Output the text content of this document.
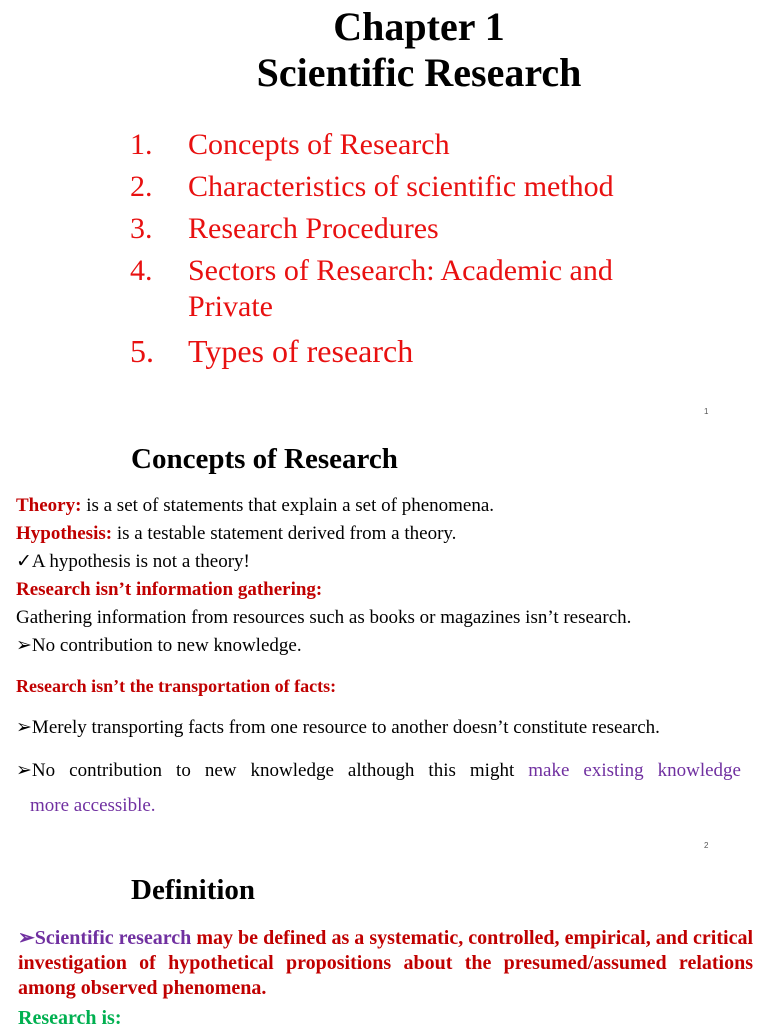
Chapter 1
Scientific Research
1.	Concepts of Research
2.	Characteristics of scientific method
3.	Research Procedures
4.	Sectors of Research: Academic and Private
5.	Types of research
1
Concepts of Research
Theory: is a set of statements that explain a set of phenomena.
Hypothesis: is a testable statement derived from a theory.
✓A hypothesis is not a theory!
Research isn’t information gathering:
Gathering information from resources such as books or magazines isn’t research.
➢No contribution to new knowledge.
Research isn’t the transportation of facts:
➢Merely transporting facts from one resource to another doesn’t constitute research.
➢No contribution to new knowledge although this might make existing knowledge
more accessible.
2
Definition
➢Scientific research may be defined as a systematic, controlled, empirical, and critical investigation of hypothetical propositions about the presumed/assumed relations among observed phenomena.
Research is:
